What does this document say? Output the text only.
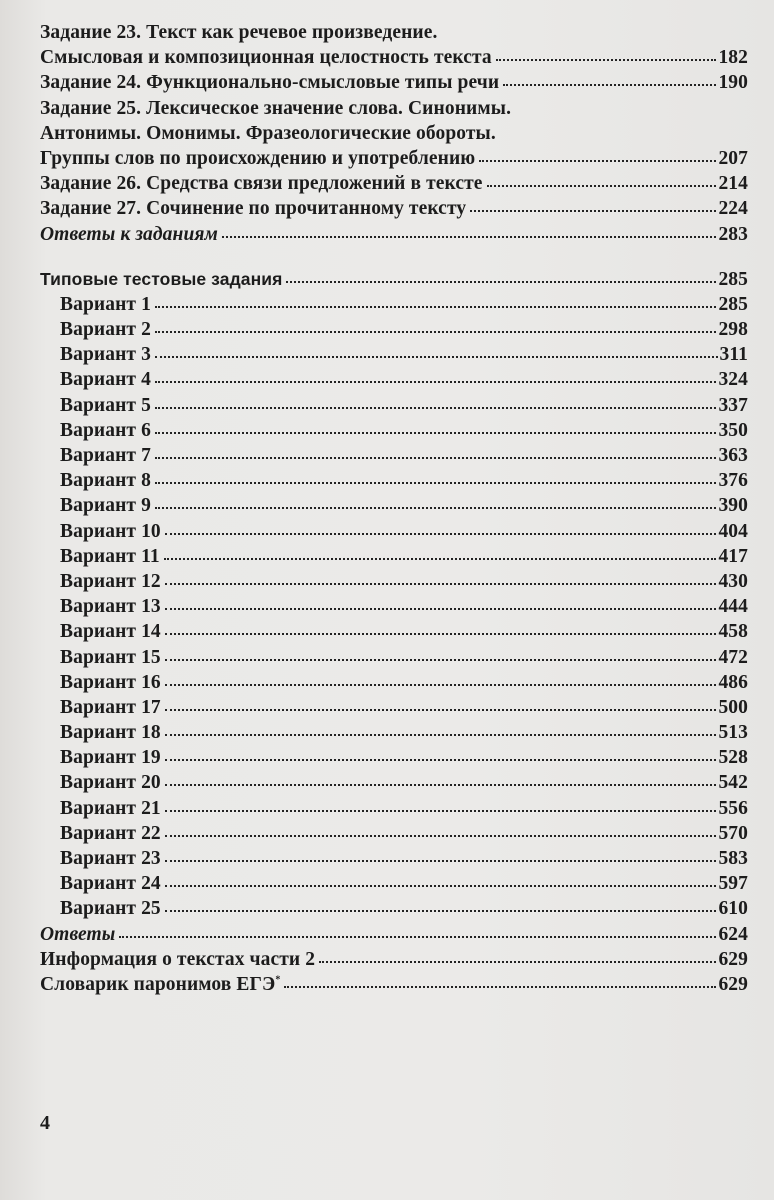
Задание 23. Текст как речевое произведение.
Смысловая и композиционная целостность текста	182
Задание 24. Функционально-смысловые типы речи	190
Задание 25. Лексическое значение слова. Синонимы.
Антонимы. Омонимы. Фразеологические обороты.
Группы слов по происхождению и употреблению	207
Задание 26. Средства связи предложений в тексте	214
Задание 27. Сочинение по прочитанному тексту	224
Ответы к заданиям	283
Типовые тестовые задания	285
Вариант 1	285
Вариант 2	298
Вариант 3	311
Вариант 4	324
Вариант 5	337
Вариант 6	350
Вариант 7	363
Вариант 8	376
Вариант 9	390
Вариант 10	404
Вариант 11	417
Вариант 12	430
Вариант 13	444
Вариант 14	458
Вариант 15	472
Вариант 16	486
Вариант 17	500
Вариант 18	513
Вариант 19	528
Вариант 20	542
Вариант 21	556
Вариант 22	570
Вариант 23	583
Вариант 24	597
Вариант 25	610
Ответы	624
Информация о текстах части 2	629
Словарик паронимов ЕГЭ*	629
4
